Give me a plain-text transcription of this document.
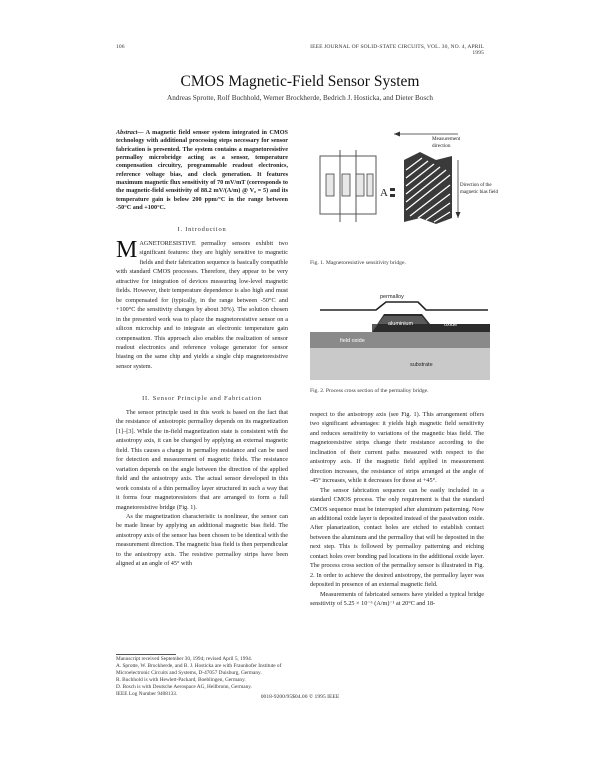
106	IEEE JOURNAL OF SOLID-STATE CIRCUITS, VOL. 30, NO. 4, APRIL 1995
CMOS Magnetic-Field Sensor System
Andreas Sprotte, Rolf Buchhold, Werner Brockherde, Bedrich J. Hosticka, and Dieter Bosch
Abstract— A magnetic field sensor system integrated in CMOS technology with additional processing steps necessary for sensor fabrication is presented. The system contains a magnetoresistive permalloy microbridge acting as a sensor, temperature compensation circuitry, programmable readout electronics, reference voltage bias, and clock generation. It features maximum magnetic flux sensitivity of 70 mV/mT (corresponds to the magnetic-field sensitivity of 88.2 mV/(A/m) @ V₀ = 5) and its temperature gain is below 200 ppm/°C in the range between -50°C and +100°C.
I. Introduction
MAGNETORESISTIVE permalloy sensors exhibit two significant features: they are highly sensitive to magnetic fields and their fabrication sequence is basically compatible with standard CMOS processes. Therefore, they appear to be very attractive for integration of devices measuring low-level magnetic fields. However, their temperature dependence is also high and must be compensated for (typically, in the range between -50°C and +100°C the sensitivity changes by about 30%). The solution chosen in the presented work was to place the magnetoresistive sensor on a silicon microchip and to integrate an electronic temperature gain compensation. This approach also enables the realization of sensor readout electronics and reference voltage generator for sensor biasing on the same chip and yields a single chip magnetoresistive sensor system.
II. Sensor Principle and Fabrication

The sensor principle used in this work is based on the fact that the resistance of anisotropic permalloy depends on its magnetization [1]–[3]. While the in-field magnetization state is consistent with the anisotropy axis, it can be changed by applying an external magnetic field. This causes a change in permalloy resistance and can be used for detection and measurement of magnetic fields. The resistance variation depends on the angle between the direction of the applied field and the anisotropy axis. The actual sensor developed in this work consists of a thin permalloy layer structured in such a way that it forms four magnetoresistors that are arranged to form a full magnetoresistive bridge (Fig. 1).

As the magnetization characteristic is nonlinear, the sensor can be made linear by applying an additional magnetic bias field. The anisotropy axis of the sensor has been chosen to be identical with the measurement direction. The magnetic bias field is then perpendicular to the anisotropy axis. The resistive permalloy strips have been aligned at an angle of 45° with

Manuscript received September 30, 1994; revised April 5, 1994.
A. Sprotte, W. Brockherde, and B. J. Hosticka are with Fraunhofer Institute of Microelectronic Circuits and Systems, D-47057 Duisburg, Germany.
R. Buchhold is with Hewlett-Packard, Boeblingen, Germany.
D. Bosch is with Deutsche Aerospace AG, Heilbronn, Germany.
IEEE Log Number 9408133.
A
Measurement
direction
Direction of the
magnetic bias field
Fig. 1. Magnetoresistive sensitivity bridge.
permalloy
additional
oxide
aluminium
field oxide
substrate
Fig. 2. Process cross section of the permalloy bridge.

respect to the anisotropy axis (see Fig. 1). This arrangement offers two significant advantages: it yields high magnetic field sensitivity and reduces sensitivity to variations of the magnetic bias field. The magnetoresistive strips change their resistance according to the inclination of their current paths measured with respect to the anisotropy axis. If the magnetic field applied in measurement direction increases, the resistance of strips arranged at the angle of -45° increases, while it decreases for those at +45°.

The sensor fabrication sequence can be easily included in a standard CMOS process. The only requirement is that the standard CMOS sequence must be interrupted after aluminum patterning. Now an additional oxide layer is deposited instead of the passivation oxide. After planarization, contact holes are etched to establish contact between the aluminum and the permalloy that will be deposited in the next step. This is followed by permalloy patterning and etching contact holes over bonding pad locations in the additional oxide layer. The process cross section of the permalloy sensor is illustrated in Fig. 2. In order to achieve the desired anisotropy, the permalloy layer was deposited in presence of an external magnetic field.

Measurements of fabricated sensors have yielded a typical bridge sensitivity of 5.25 × 10⁻⁶ (A/m)⁻¹ at 20°C and 18-

0018-9200/95$04.00 © 1995 IEEE
